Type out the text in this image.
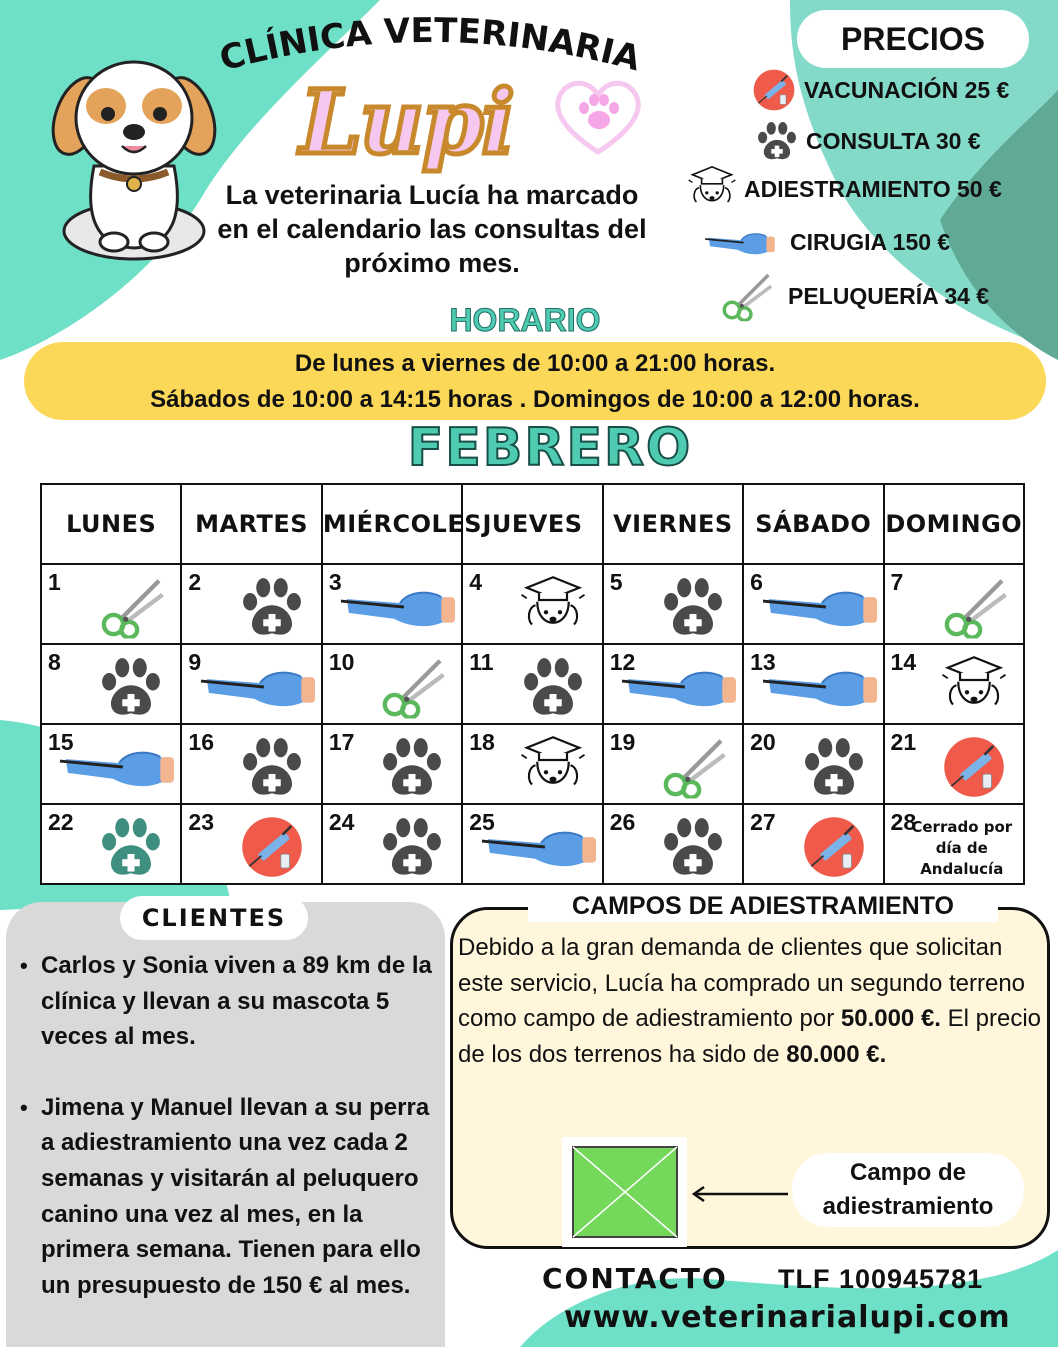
CLÍNICA VETERINARIA
Lupi
La veterinaria Lucía ha marcado en el calendario las consultas del próximo mes.
PRECIOS
VACUNACIÓN 25 €
CONSULTA 30 €
ADIESTRAMIENTO 50 €
CIRUGIA 150 €
PELUQUERÍA 34 €
HORARIO
De lunes a viernes de 10:00 a 21:00 horas.
Sábados de 10:00 a 14:15 horas . Domingos de 10:00 a 12:00 horas.
FEBRERO
LUNES	MARTES	MIÉRCOLES	JUEVES	VIERNES	SÁBADO	DOMINGO

1	2	3	4	5	6	7

8	9	10	11	12	13	14

15	16	17	18	19	20	21

22	23	24	25	26	27	28
Cerrado por día de Andalucía
CLIENTES
• Carlos y Sonia viven a 89 km de la clínica y llevan a su mascota 5 veces al mes.
• Jimena y Manuel llevan a su perra a adiestramiento una vez cada 2 semanas y visitarán al peluquero canino una vez al mes, en la primera semana. Tienen para ello un presupuesto de 150 € al mes.
CAMPOS DE ADIESTRAMIENTO
Debido a la gran demanda de clientes que solicitan este servicio, Lucía ha comprado un segundo terreno como campo de adiestramiento por 50.000 €. El precio de los dos terrenos ha sido de 80.000 €.
Campo de adiestramiento
CONTACTO TLF 100945781
www.veterinarialupi.com
